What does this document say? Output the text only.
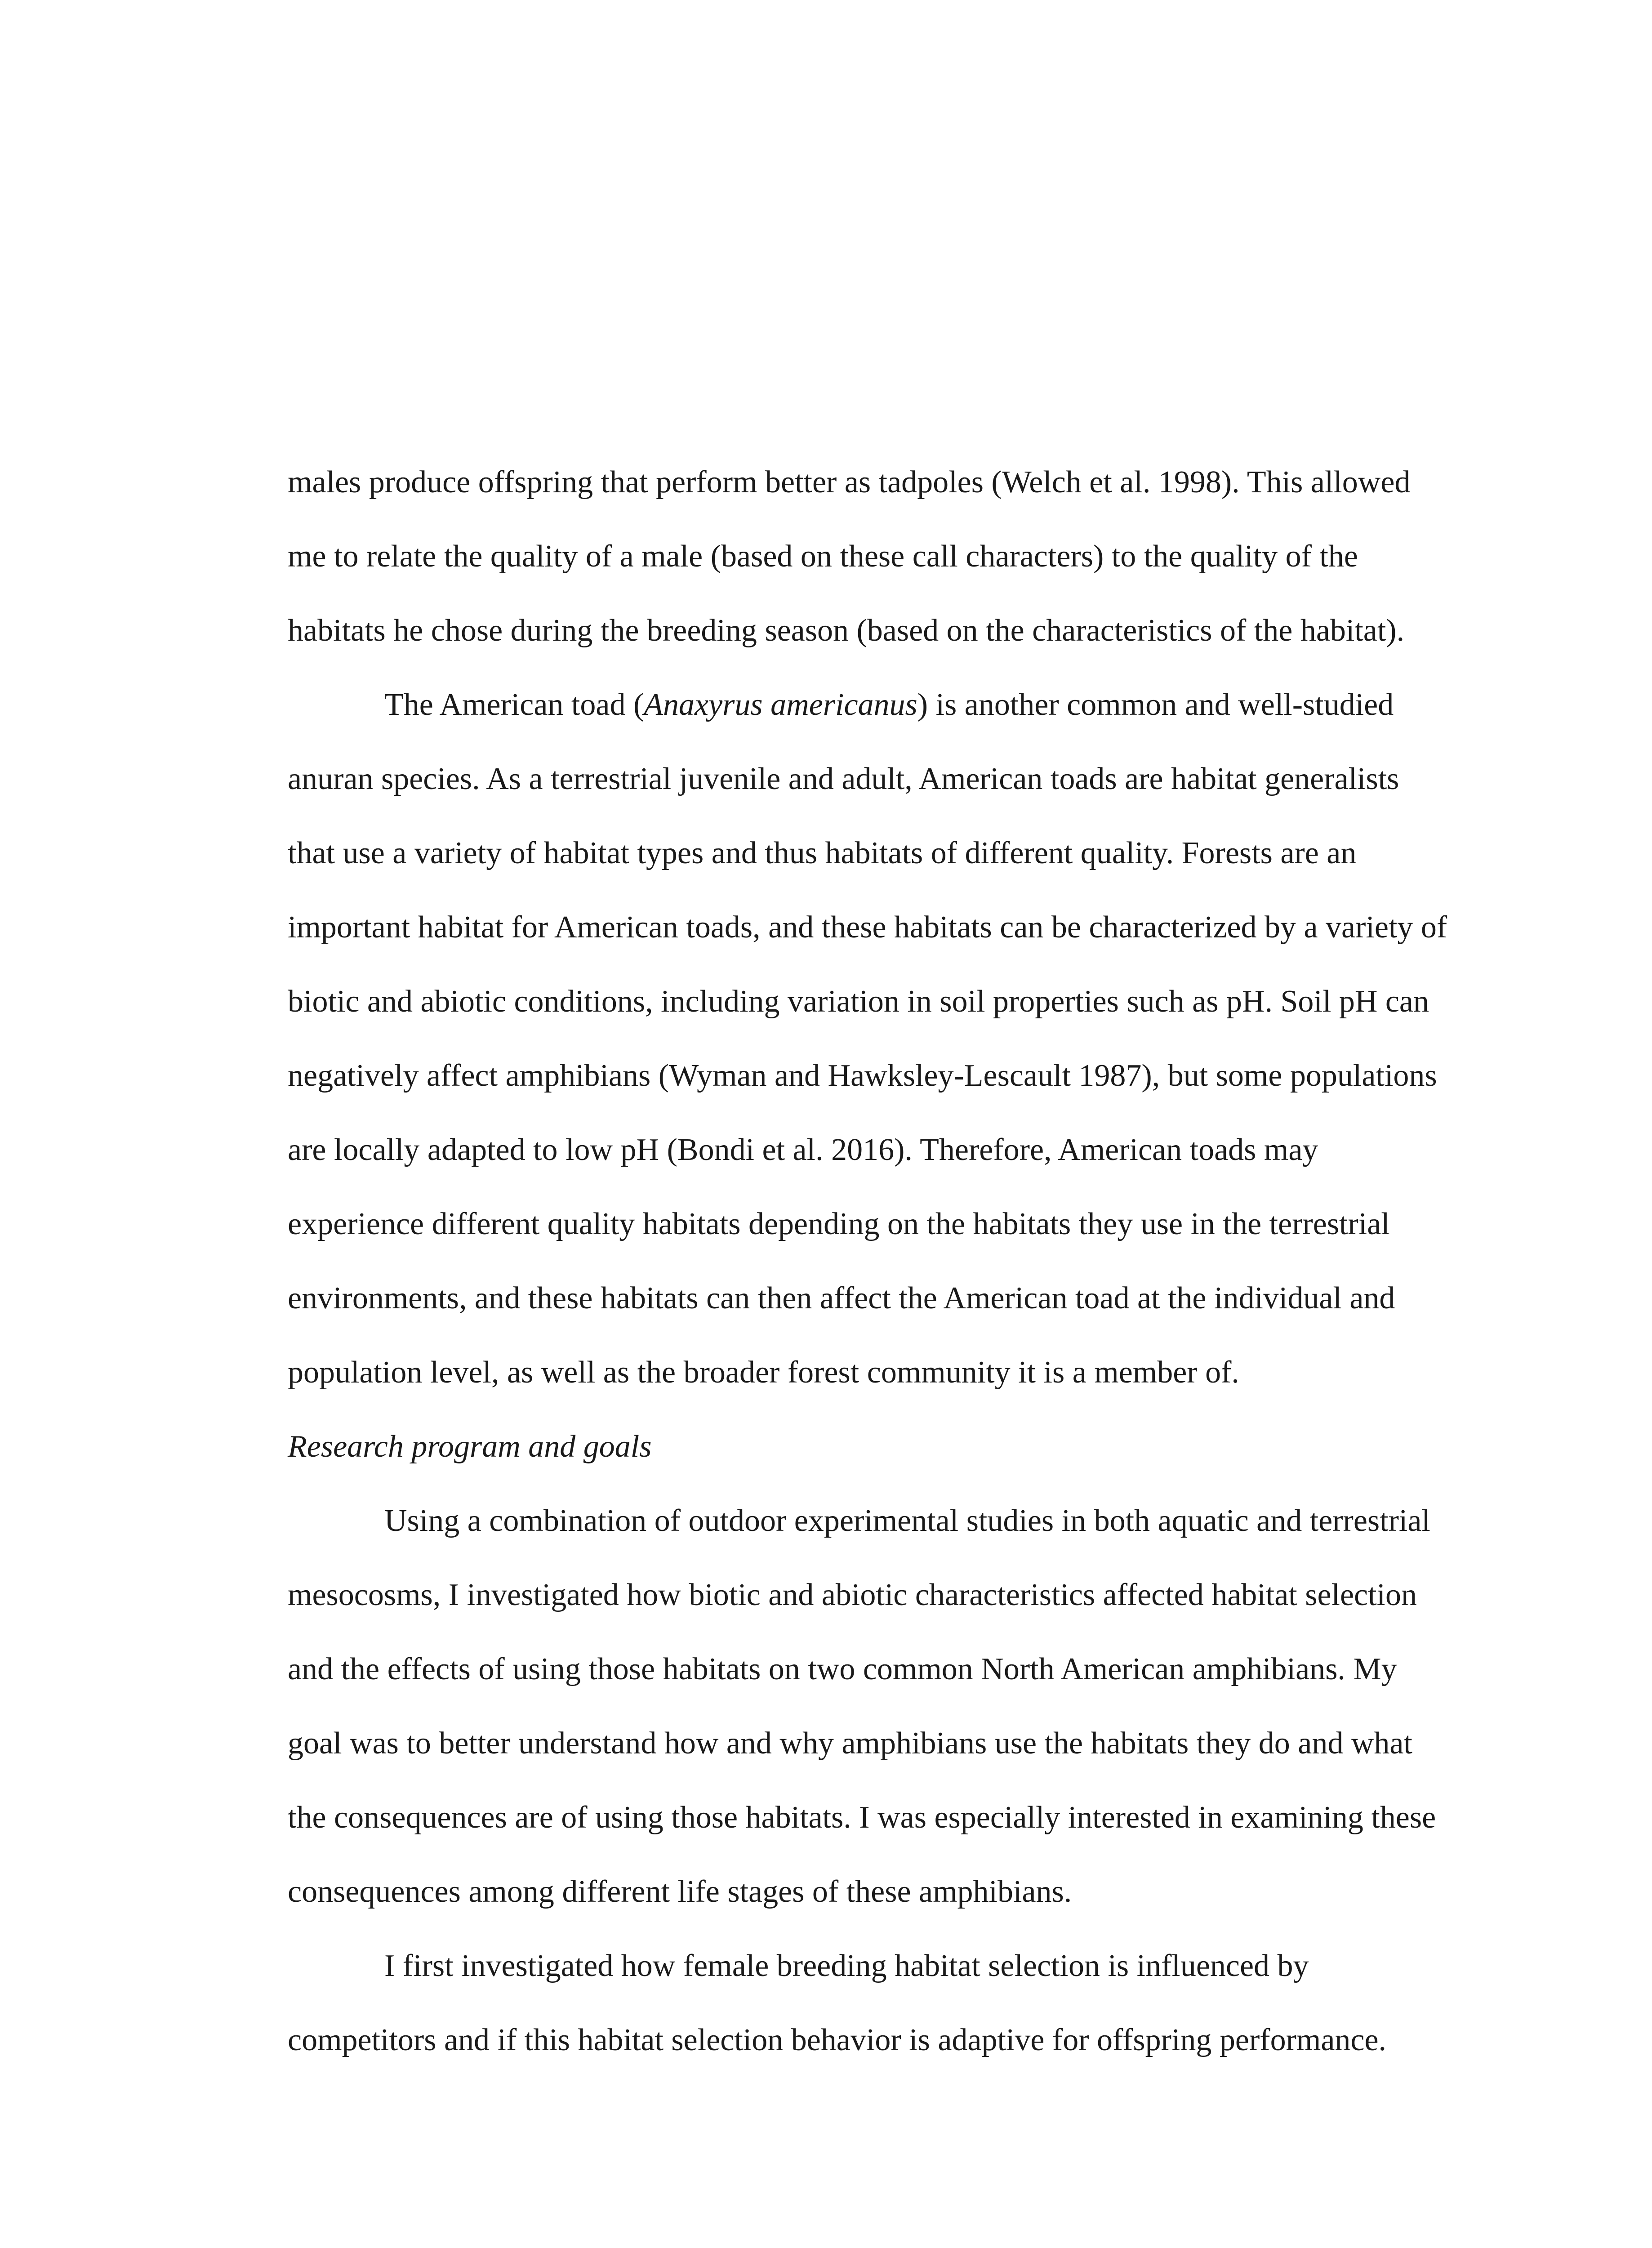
males produce offspring that perform better as tadpoles (Welch et al. 1998). This allowed me to relate the quality of a male (based on these call characters) to the quality of the habitats he chose during the breeding season (based on the characteristics of the habitat).

The American toad (Anaxyrus americanus) is another common and well-studied anuran species. As a terrestrial juvenile and adult, American toads are habitat generalists that use a variety of habitat types and thus habitats of different quality. Forests are an important habitat for American toads, and these habitats can be characterized by a variety of biotic and abiotic conditions, including variation in soil properties such as pH. Soil pH can negatively affect amphibians (Wyman and Hawksley-Lescault 1987), but some populations are locally adapted to low pH (Bondi et al. 2016). Therefore, American toads may experience different quality habitats depending on the habitats they use in the terrestrial environments, and these habitats can then affect the American toad at the individual and population level, as well as the broader forest community it is a member of.

Research program and goals

Using a combination of outdoor experimental studies in both aquatic and terrestrial mesocosms, I investigated how biotic and abiotic characteristics affected habitat selection and the effects of using those habitats on two common North American amphibians. My goal was to better understand how and why amphibians use the habitats they do and what the consequences are of using those habitats. I was especially interested in examining these consequences among different life stages of these amphibians.

I first investigated how female breeding habitat selection is influenced by competitors and if this habitat selection behavior is adaptive for offspring performance.
